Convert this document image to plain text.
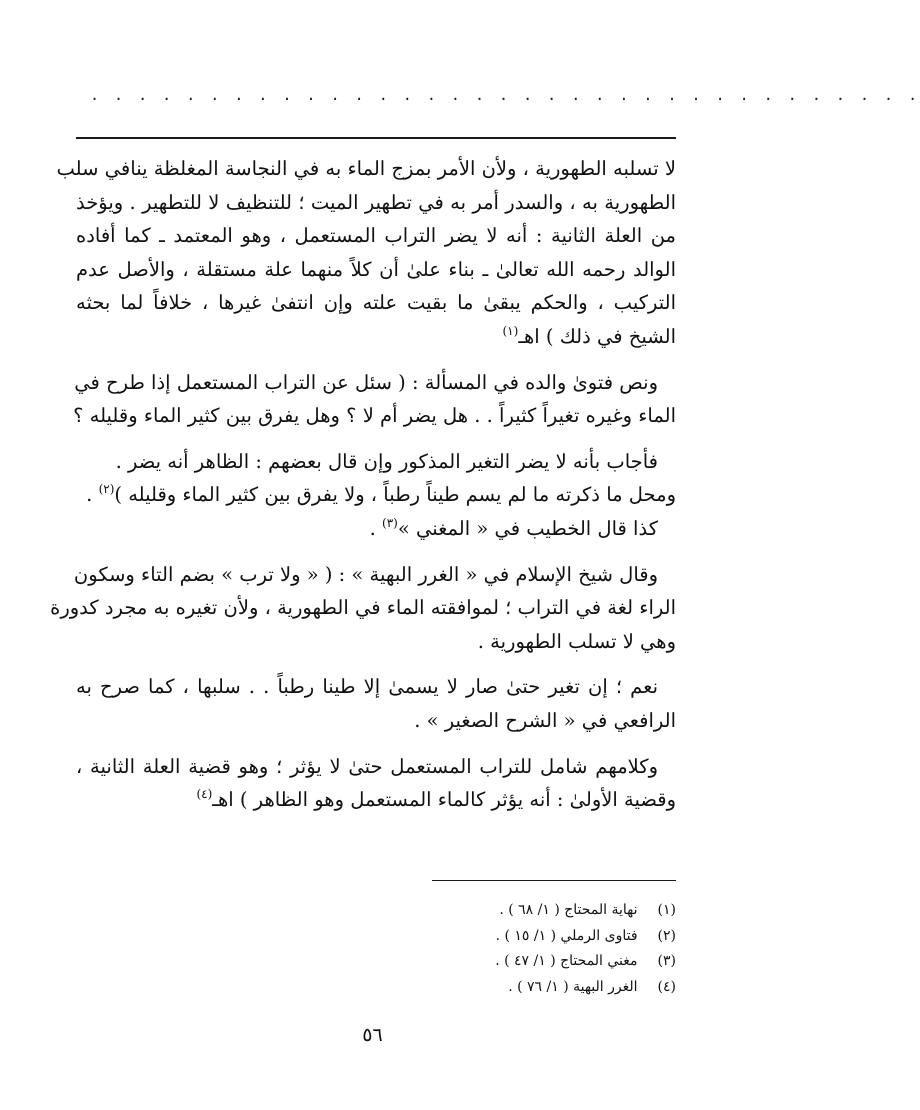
. . . . . . . . . . . . . . . . . . . . . . . . . . . . . . . . . . .
لا تسلبه الطهورية ، ولأن الأمر بمزج الماء به في النجاسة المغلظة ينافي سلب
الطهورية به ، والسدر أمر به في تطهير الميت ؛ للتنظيف لا للتطهير . ويؤخذ
من العلة الثانية : أنه لا يضر التراب المستعمل ، وهو المعتمد ـ كما أفاده
الوالد رحمه الله تعالىٰ ـ بناء علىٰ أن كلاً منهما علة مستقلة ، والأصل عدم
التركيب ، والحكم يبقىٰ ما بقيت علته وإن انتفىٰ غيرها ، خلافاً لما بحثه
الشيخ في ذلك ) اهـ$^{(١)}$
ونص فتوىٰ والده في المسألة : ( سئل عن التراب المستعمل إذا طرح في
الماء وغيره تغيراً كثيراً . . هل يضر أم لا ؟ وهل يفرق بين كثير الماء وقليله ؟
فأجاب بأنه لا يضر التغير المذكور وإن قال بعضهم : الظاهر أنه يضر .
ومحل ما ذكرته ما لم يسم طيناً رطباً ، ولا يفرق بين كثير الماء وقليله )$^{(٢)}$ .
كذا قال الخطيب في « المغني »$^{(٣)}$ .
وقال شيخ الإسلام في « الغرر البهية » : ( « ولا ترب » بضم التاء وسكون
الراء لغة في التراب ؛ لموافقته الماء في الطهورية ، ولأن تغيره به مجرد كدورة
وهي لا تسلب الطهورية .
نعم ؛ إن تغير حتىٰ صار لا يسمىٰ إلا طينا رطباً . . سلبها ، كما صرح به
الرافعي في « الشرح الصغير » .
وكلامهم شامل للتراب المستعمل حتىٰ لا يؤثر ؛ وهو قضية العلة الثانية ،
وقضية الأولىٰ : أنه يؤثر كالماء المستعمل وهو الظاهر ) اهـ$^{(٤)}$
(١) نهاية المحتاج ( ١/ ٦٨ ) .
(٢) فتاوى الرملي ( ١/ ١٥ ) .
(٣) مغني المحتاج ( ١/ ٤٧ ) .
(٤) الغرر البهية ( ١/ ٧٦ ) .
٥٦
